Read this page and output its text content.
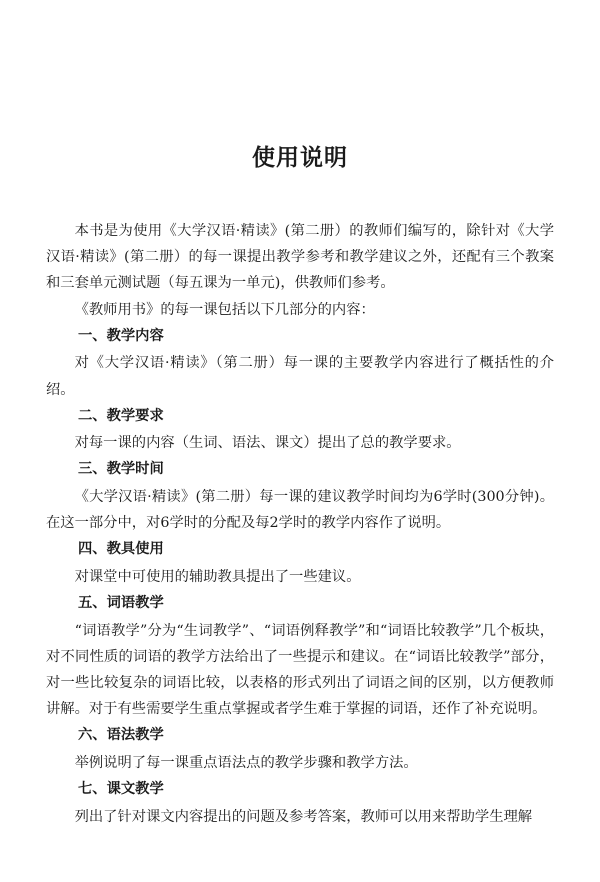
使用说明

本书是为使用《大学汉语·精读》(第二册）的教师们编写的，除针对《大学汉语·精读》(第二册）的每一课提出教学参考和教学建议之外，还配有三个教案和三套单元测试题（每五课为一单元)，供教师们参考。

《教师用书》的每一课包括以下几部分的内容：

一、教学内容

对《大学汉语·精读》（第二册）每一课的主要教学内容进行了概括性的介绍。

二、教学要求

对每一课的内容（生词、语法、课文）提出了总的教学要求。

三、教学时间

《大学汉语·精读》(第二册）每一课的建议教学时间均为6学时(300分钟)。在这一部分中，对6学时的分配及每2学时的教学内容作了说明。

四、教具使用

对课堂中可使用的辅助教具提出了一些建议。

五、词语教学

“词语教学”分为“生词教学”、“词语例释教学”和“词语比较教学”几个板块，对不同性质的词语的教学方法给出了一些提示和建议。在“词语比较教学”部分，对一些比较复杂的词语比较，以表格的形式列出了词语之间的区别，以方便教师讲解。对于有些需要学生重点掌握或者学生难于掌握的词语，还作了补充说明。

六、语法教学

举例说明了每一课重点语法点的教学步骤和教学方法。

七、课文教学

列出了针对课文内容提出的问题及参考答案，教师可以用来帮助学生理解
